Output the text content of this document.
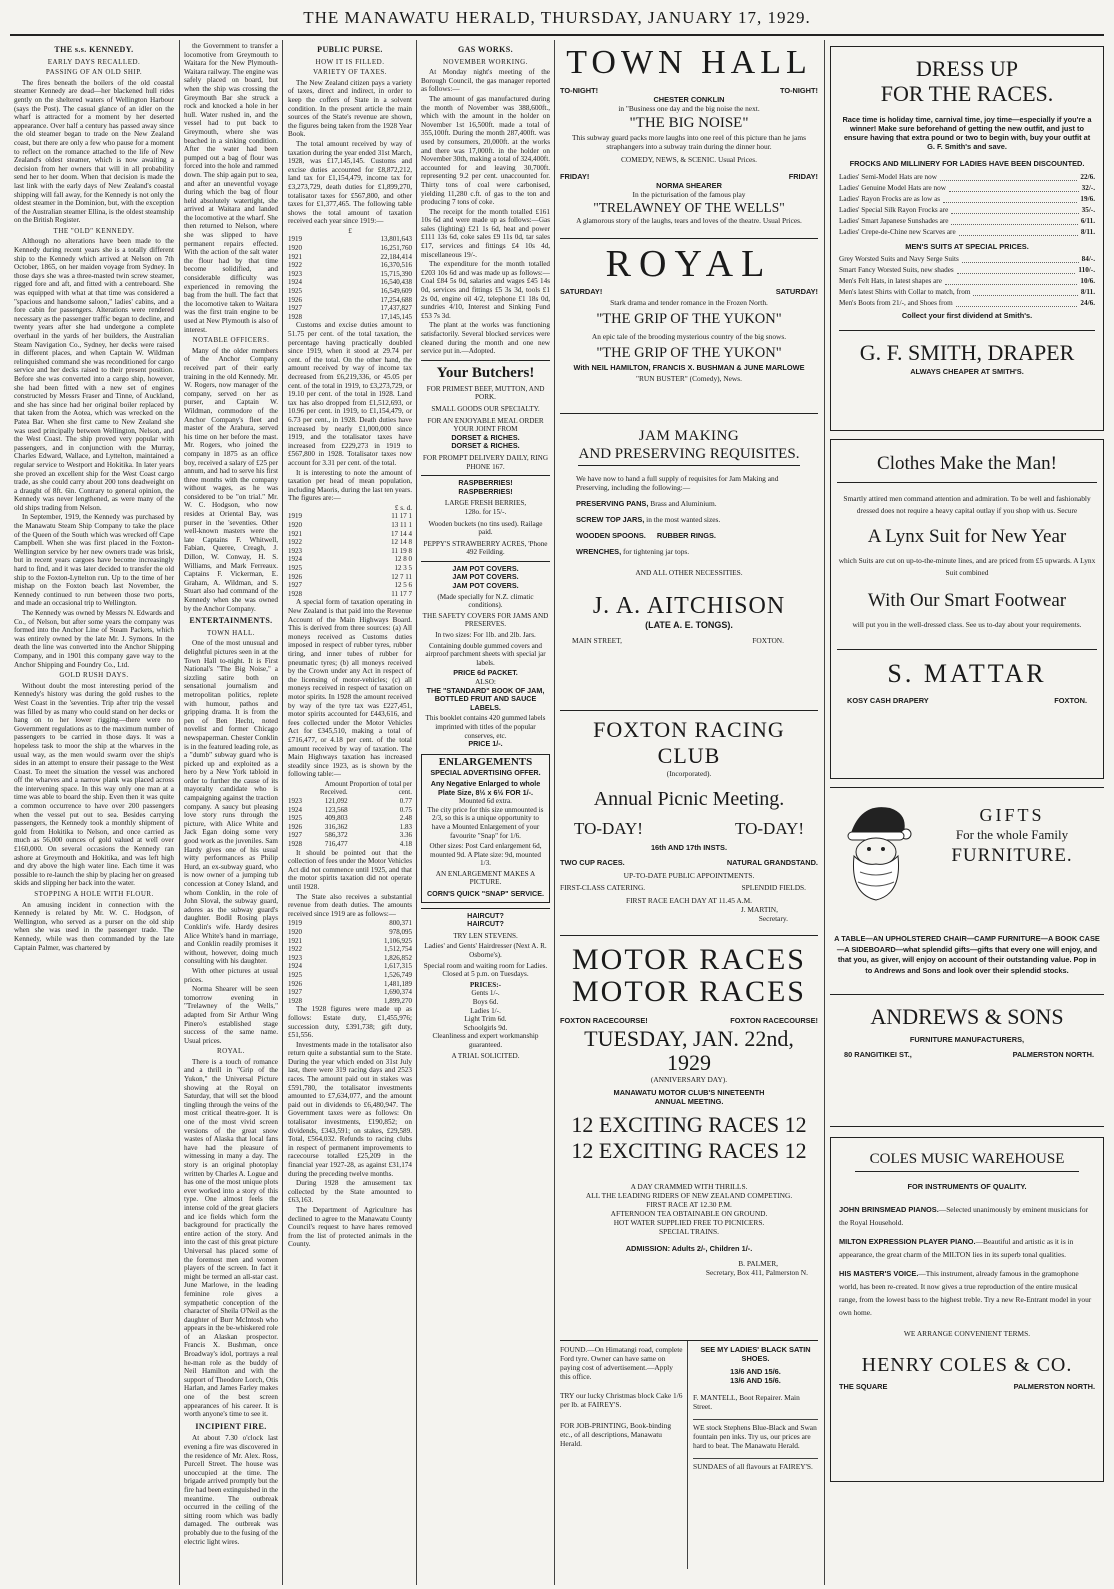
THE MANAWATU HERALD, THURSDAY, JANUARY 17, 1929.
THE s.s. KENNEDY.
EARLY DAYS RECALLED.
PASSING OF AN OLD SHIP.

The fires beneath the boilers of the old coastal steamer Kennedy are dead—her blackened hull rides gently on the sheltered waters of Wellington Harbour (says the Post). The casual glance of an idler on the wharf is attracted for a moment by her deserted appearance. Over half a century has passed away since the old steamer began to trade on the New Zealand coast, but there are only a few who pause for a moment to reflect on the romance attached to the life of New Zealand's oldest steamer, which is now awaiting a decision from her owners that will in all probability send her to her doom. When that decision is made the last link with the early days of New Zealand's coastal shipping will fall away, for the Kennedy is not only the oldest steamer in the Dominion, but, with the exception of the Australian steamer Ellina, is the oldest steamship on the British Register.

THE "OLD" KENNEDY.

Although no alterations have been made to the Kennedy during recent years she is a totally different ship to the Kennedy which arrived at Nelson on 7th October, 1865, on her maiden voyage from Sydney. In those days she was a three-masted twin screw steamer, rigged fore and aft, and fitted with a centreboard. She was equipped with what at that time was considered a "spacious and handsome saloon," ladies' cabins, and a fore cabin for passengers. Alterations were rendered necessary as the passenger traffic began to decline, and twenty years after she had undergone a complete overhaul in the yards of her builders, the Australian Steam Navigation Co., Sydney, her decks were raised in different places, and when Captain W. Wildman relinquished command she was reconditioned for cargo service and her decks raised to their present position. Before she was converted into a cargo ship, however, she had been fitted with a new set of engines constructed by Messrs Fraser and Tinne, of Auckland, and she has since had her original boiler replaced by that taken from the Aotea, which was wrecked on the Patea Bar. When she first came to New Zealand she was used principally between Wellington, Nelson, and the West Coast. The ship proved very popular with passengers, and in conjunction with the Murray, Charles Edward, Wallace, and Lyttelton, maintained a regular service to Westport and Hokitika. In later years she proved an excellent ship for the West Coast cargo trade, as she could carry about 200 tons deadweight on a draught of 8ft. 6in. Contrary to general opinion, the Kennedy was never lengthened, as were many of the old ships trading from Nelson.

In September, 1919, the Kennedy was purchased by the Manawatu Steam Ship Company to take the place of the Queen of the South which was wrecked off Cape Campbell. When she was first placed in the Foxton-Wellington service by her new owners trade was brisk, but in recent years cargoes have become increasingly hard to find, and it was later decided to transfer the old ship to the Foxton-Lyttelton run. Up to the time of her mishap on the Foxton beach last November, the Kennedy continued to run between those two ports, and made an occasional trip to Wellington.

The Kennedy was owned by Messrs N. Edwards and Co., of Nelson, but after some years the company was formed into the Anchor Line of Steam Packets, which was entirely owned by the late Mr. J. Symons. In the death the line was converted into the Anchor Shipping Company, and in 1901 this company gave way to the Anchor Shipping and Foundry Co., Ltd.

GOLD RUSH DAYS.

Without doubt the most interesting period of the Kennedy's history was during the gold rushes to the West Coast in the 'seventies. Trip after trip the vessel was filled by as many who could stand on her decks or hang on to her lower rigging—there were no Government regulations as to the maximum number of passengers to be carried in those days. It was a hopeless task to moor the ship at the wharves in the usual way, as the men would swarm over the ship's sides in an attempt to ensure their passage to the West Coast. To meet the situation the vessel was anchored off the wharves and a narrow plank was placed across the intervening space. In this way only one man at a time was able to board the ship. Even then it was quite a common occurrence to have over 200 passengers when the vessel put out to sea. Besides carrying passengers, the Kennedy took a monthly shipment of gold from Hokitika to Nelson, and once carried as much as 56,000 ounces of gold valued at well over £160,000. On several occasions the Kennedy ran ashore at Greymouth and Hokitika, and was left high and dry above the high water line. Each time it was possible to re-launch the ship by placing her on greased skids and slipping her back into the water.

STOPPING A HOLE WITH FLOUR.

An amusing incident in connection with the Kennedy is related by Mr. W. C. Hodgson, of Wellington, who served as a purser on the old ship when she was used in the passenger trade. The Kennedy, while was then commanded by the late Captain Palmer, was chartered by

the Government to transfer a locomotive from Greymouth to Waitara for the New Plymouth-Waitara railway. The engine was safely placed on board, but when the ship was crossing the Greymouth Bar she struck a rock and knocked a hole in her hull. Water rushed in, and the vessel had to put back to Greymouth, where she was beached in a sinking condition. After the water had been pumped out a bag of flour was forced into the hole and rammed down. The ship again put to sea, and after an uneventful voyage during which the bag of flour held absolutely watertight, she arrived at Waitara and landed the locomotive at the wharf. She then returned to Nelson, where she was slipped to have permanent repairs effected. With the action of the salt water the flour had by that time become solidified, and considerable difficulty was experienced in removing the bag from the hull. The fact that the locomotive taken to Waitara was the first train engine to be used at New Plymouth is also of interest.

NOTABLE OFFICERS.

Many of the older members of the Anchor Company received part of their early training in the old Kennedy. Mr. W. Rogers, now manager of the company, served on her as purser, and Captain W. Wildman, commodore of the Anchor Company's fleet and master of the Arahura, served his time on her before the mast. Mr. Rogers, who joined the company in 1875 as an office boy, received a salary of £25 per annum, and had to serve his first three months with the company without wages, as he was considered to be "on trial." Mr. W. C. Hodgson, who now resides at Oriental Bay, was purser in the 'seventies. Other well-known masters were the late Captains F. Whitwell, Fabian, Queree, Creagh, J. Dillon, W. Conway, H. S. Williams, and Mark Ferreaux. Captains F. Vickerman, E. Graham, A. Wildman, and S. Stuart also had command of the Kennedy when she was owned by the Anchor Company.

ENTERTAINMENTS.
TOWN HALL.

One of the most unusual and delightful pictures seen in at the Town Hall to-night. It is First National's "The Big Noise," a sizzling satire both on sensational journalism and metropolitan politics, replete with humour, pathos and gripping drama. It is from the pen of Ben Hecht, noted novelist and former Chicago newspaperman. Chester Conklin is in the featured leading role, as a "dumb" subway guard who is picked up and exploited as a hero by a New York tabloid in order to further the cause of its mayoralty candidate who is campaigning against the traction company. A saucy but pleasing love story runs through the picture, with Alice White and Jack Egan doing some very good work as the juveniles. Sam Hardy gives one of his usual witty performances as Philip Hurd, an ex-subway guard, who is now owner of a jumping tub concession at Coney Island, and whom Conklin, in the role of John Sloval, the subway guard, adores as the subway guard's daughter. Bodil Rosing plays Conklin's wife. Hardy desires Alice White's hand in marriage, and Conklin readily promises it without, however, doing much consulting with his daughter.

With other pictures at usual prices.

Norma Shearer will be seen tomorrow evening in "Trelawney of the Wells," adapted from Sir Arthur Wing Pinero's established stage success of the same name. Usual prices.

ROYAL.

There is a touch of romance and a thrill in "Grip of the Yukon," the Universal Picture showing at the Royal on Saturday, that will set the blood tingling through the veins of the most critical theatre-goer. It is one of the most vivid screen versions of the great snow wastes of Alaska that local fans have had the pleasure of witnessing in many a day. The story is an original photoplay written by Charles A. Logue and has one of the most unique plots ever worked into a story of this type. One almost feels the intense cold of the great glaciers and ice fields which form the background for practically the entire action of the story. And into the cast of this great picture Universal has placed some of the foremost men and women players of the screen. In fact it might be termed an all-star cast. June Marlowe, in the leading feminine role gives a sympathetic conception of the character of Sheila O'Neil as the daughter of Burr McIntosh who appears in the be-whiskered role of an Alaskan prospector. Francis X. Bushman, once Broadway's idol, portrays a real he-man role as the buddy of Neil Hamilton and with the support of Theodore Lorch, Otis Harlan, and James Farley makes one of the best screen appearances of his career. It is worth anyone's time to see it.

INCIPIENT FIRE.

At about 7.30 o'clock last evening a fire was discovered in the residence of Mr. Alex. Ross, Purcell Street. The house was unoccupied at the time. The brigade arrived promptly but the fire had been extinguished in the meantime. The outbreak occurred in the ceiling of the sitting room which was badly damaged. The outbreak was probably due to the fusing of the electric light wires.

PUBLIC PURSE.
HOW IT IS FILLED.
VARIETY OF TAXES.

The New Zealand citizen pays a variety of taxes, direct and indirect, in order to keep the coffers of State in a solvent condition. In the present article the main sources of the State's revenue are shown, the figures being taken from the 1928 Year Book.

The total amount received by way of taxation during the year ended 31st March, 1928, was £17,145,145. Customs and excise duties accounted for £8,872,212, land tax for £1,154,479, income tax for £3,273,729, death duties for £1,899,270, totalisator taxes for £567,800, and other taxes for £1,377,465. The following table shows the total amount of taxation received each year since 1919:—

£
1919	13,801,643
1920	16,251,760
1921	22,184,414
1922	16,370,516
1923	15,715,390
1924	16,540,438
1925	16,549,609
1926	17,254,688
1927	17,437,827
1928	17,145,145

Customs and excise duties amount to 51.75 per cent. of the total taxation, the percentage having practically doubled since 1919, when it stood at 29.74 per cent. of the total. On the other hand, the amount received by way of income tax decreased from £6,219,336, or 45.05 per cent. of the total in 1919, to £3,273,729, or 19.10 per cent. of the total in 1928. Land tax has also dropped from £1,512,693, or 10.96 per cent. in 1919, to £1,154,479, or 6.73 per cent., in 1928. Death duties have increased by nearly £1,000,000 since 1919, and the totalisator taxes have increased from £229,273 in 1919 to £567,800 in 1928. Totalisator taxes now account for 3.31 per cent. of the total.

It is interesting to note the amount of taxation per head of mean population, including Maoris, during the last ten years. The figures are:—

£ s. d.
1919	11 17 1
1920	13 11 1
1921	17 14 4
1922	12 14 8
1923	11 19 8
1924	12 8 0
1925	12 3 5
1926	12 7 11
1927	12 5 6
1928	11 17 7

A special form of taxation operating in New Zealand is that paid into the Revenue Account of the Main Highways Board. This is derived from three sources: (a) All moneys received as Customs duties imposed in respect of rubber tyres, rubber tiring, and inner tubes of rubber for pneumatic tyres; (b) all moneys received by the Crown under any Act in respect of the licensing of motor-vehicles; (c) all moneys received in respect of taxation on motor spirits. In 1928 the amount received by way of the tyre tax was £227,451, motor spirits accounted for £443,616, and fees collected under the Motor Vehicles Act for £345,510, making a total of £716,477, or 4.18 per cent. of the total amount received by way of taxation. The Main Highways taxation has increased steadily since 1923, as is shown by the following table:—

	Amount Received.	Proportion of total per cent.
1923	121,092	0.77
1924	123,568	0.75
1925	409,803	2.48
1926	316,362	1.83
1927	586,372	3.36
1928	716,477	4.18

It should be pointed out that the collection of fees under the Motor Vehicles Act did not commence until 1925, and that the motor spirits taxation did not operate until 1928.

The State also receives a substantial revenue from death duties. The amounts received since 1919 are as follows:—

1919	800,371
1920	978,095
1921	1,106,925
1922	1,512,754
1923	1,826,852
1924	1,617,315
1925	1,526,749
1926	1,481,189
1927	1,690,374
1928	1,899,270

The 1928 figures were made up as follows: Estate duty, £1,455,976; succession duty, £391,738; gift duty, £51,556.

Investments made in the totalisator also return quite a substantial sum to the State. During the year which ended on 31st July last, there were 319 racing days and 2523 races. The amount paid out in stakes was £591,780, the totalisator investments amounted to £7,634,077, and the amount paid out in dividends to £6,480,947. The Government taxes were as follows: On totalisator investments, £190,852; on dividends, £343,591; on stakes, £29,589. Total, £564,032. Refunds to racing clubs in respect of permanent improvements to racecourse totalled £25,209 in the financial year 1927-28, as against £31,174 during the preceding twelve months.

During 1928 the amusement tax collected by the State amounted to £63,163.

The Department of Agriculture has declined to agree to the Manawatu County Council's request to have hares removed from the list of protected animals in the County.

GAS WORKS.
NOVEMBER WORKING.

At Monday night's meeting of the Borough Council, the gas manager reported as follows:—

The amount of gas manufactured during the month of November was 388,600ft., which with the amount in the holder on November 1st 16,500ft. made a total of 355,100ft. During the month 287,400ft. was used by consumers, 20,000ft. at the works and there was 17,000ft. in the holder on November 30th, making a total of 324,400ft. accounted for and leaving 30,700ft. representing 9.2 per cent. unaccounted for. Thirty tons of coal were carbonised, yielding 11,280 c.ft. of gas to the ton and producing 7 tons of coke.

The receipt for the month totalled £161 10s 6d and were made up as follows:—Gas sales (lighting) £21 1s 6d, heat and power £111 13s 6d, coke sales £9 11s 0d, tar sales £17, services and fittings £4 10s 4d, miscellaneous 19/-.

The expenditure for the month totalled £203 10s 6d and was made up as follows:—Coal £84 5s 0d, salaries and wages £45 14s 0d, services and fittings £5 3s 3d, tools £1 2s 0d, engine oil 4/2, telephone £1 18s 0d, sundries 4/10, Interest and Sinking Fund £53 7s 3d.

The plant at the works was functioning satisfactorily. Several blocked services were cleaned during the month and one new service put in.—Adopted.

Your Butchers!
FOR PRIMEST BEEF, MUTTON, AND PORK.
SMALL GOODS OUR SPECIALTY.
FOR AN ENJOYABLE MEAL ORDER YOUR JOINT FROM
DORSET & RICHES.
DORSET & RICHES.
FOR PROMPT DELIVERY DAILY, RING PHONE 167.
RASPBERRIES!
RASPBERRIES!
LARGE FRESH BERRIES,
128o. for 15/-.
Wooden buckets (no tins used). Railage paid.
PEPPY'S STRAWBERRY ACRES, 'Phone 492 Feilding.
JAM POT COVERS.
JAM POT COVERS.
JAM POT COVERS.
(Made specially for N.Z. climatic conditions).
THE SAFETY COVERS FOR JAMS AND PRESERVES.
In two sizes: For 1lb. and 2lb. Jars.
Containing double gummed covers and airproof parchment sheets with special jar labels.
PRICE 6d PACKET.
ALSO:
THE "STANDARD" BOOK OF JAM, BOTTLED FRUIT AND SAUCE LABELS.
This booklet contains 420 gummed labels imprinted with titles of the popular conserves, etc.
PRICE 1/-.
ENLARGEMENTS
SPECIAL ADVERTISING OFFER.
Any Negative Enlarged to whole Plate Size, 8½ x 6½ FOR 1/-.
Mounted 6d extra.
The city price for this size unmounted is 2/3, so this is a unique opportunity to have a Mounted Enlargement of your favourite "Snap" for 1/6.
Other sizes: Post Card enlargement 6d, mounted 9d. A Plate size: 9d, mounted 1/3.
AN ENLARGEMENT MAKES A PICTURE.
CORN'S QUICK "SNAP" SERVICE.
HAIRCUT?
HAIRCUT?
TRY LEN STEVENS.
Ladies' and Gents' Hairdresser (Next A. R. Osborne's).
Special room and waiting room for Ladies.
Closed at 5 p.m. on Tuesdays.
PRICES:-
Gents 1/-.
Boys 6d.
Ladies 1/-.
Light Trim 6d.
Schoolgirls 9d.
Cleanliness and expert workmanship guaranteed.
A TRIAL SOLICITED.
TOWN HALL
TO-NIGHT!	TO-NIGHT!
CHESTER CONKLIN
in "Business one day and the big noise the next.
"THE BIG NOISE"
This subway guard packs more laughs into one reel of this picture than he jams straphangers into a subway train during the dinner hour.
COMEDY, NEWS, & SCENIC. Usual Prices.
FRIDAY!	FRIDAY!
NORMA SHEARER
In the picturisation of the famous play
"TRELAWNEY OF THE WELLS"
A glamorous story of the laughs, tears and loves of the theatre. Usual Prices.
ROYAL
SATURDAY!	SATURDAY!
Stark drama and tender romance in the Frozen North.
"THE GRIP OF THE YUKON"
An epic tale of the brooding mysterious country of the big snows.
"THE GRIP OF THE YUKON"
With NEIL HAMILTON, FRANCIS X. BUSHMAN & JUNE MARLOWE
"RUN BUSTER" (Comedy), News.
JAM MAKING
AND PRESERVING REQUISITES.
We have now to hand a full supply of requisites for Jam Making and Preserving, including the following:—
PRESERVING PANS, Brass and Aluminium.
SCREW TOP JARS, in the most wanted sizes.
WOODEN SPOONS. RUBBER RINGS.
WRENCHES, for tightening jar tops.
AND ALL OTHER NECESSITIES.
J. A. AITCHISON
(LATE A. E. TONGS).
MAIN STREET,	FOXTON.
FOXTON RACING CLUB
(Incorporated).
Annual Picnic Meeting.
TO-DAY!	TO-DAY!
16th AND 17th INSTS.
TWO CUP RACES.	NATURAL GRANDSTAND.
UP-TO-DATE PUBLIC APPOINTMENTS.
FIRST-CLASS CATERING.	SPLENDID FIELDS.
FIRST RACE EACH DAY AT 11.45 A.M.
J. MARTIN,
Secretary.
MOTOR RACES
MOTOR RACES
FOXTON RACECOURSE!	FOXTON RACECOURSE!
TUESDAY, JAN. 22nd, 1929
(ANNIVERSARY DAY).
MANAWATU MOTOR CLUB'S NINETEENTH ANNUAL MEETING.
12 EXCITING RACES 12
12 EXCITING RACES 12
A DAY CRAMMED WITH THRILLS.
ALL THE LEADING RIDERS OF NEW ZEALAND COMPETING.
FIRST RACE AT 12.30 P.M.
AFTERNOON TEA OBTAINABLE ON GROUND.
HOT WATER SUPPLIED FREE TO PICNICERS.
SPECIAL TRAINS.
ADMISSION: Adults 2/-, Children 1/-.
B. PALMER,
Secretary, Box 411, Palmerston N.
FOUND.—On Himatangi road, complete Ford tyre. Owner can have same on paying cost of advertisement.—Apply this office.
TRY our lucky Christmas block Cake 1/6 per lb. at FAIREY'S.
FOR JOB-PRINTING, Book-binding etc., of all descriptions, Manawatu Herald.
SEE MY LADIES' BLACK SATIN SHOES.
13/6 AND 15/6.
13/6 AND 15/6.
F. MANTELL, Boot Repairer. Main Street.
WE stock Stephens Blue-Black and Swan fountain pen inks. Try us, our prices are hard to beat. The Manawatu Herald.
SUNDAES of all flavours at FAIREY'S.
DRESS UP
FOR THE RACES.
Race time is holiday time, carnival time, joy time—especially if you're a winner! Make sure beforehand of getting the new outfit, and just to ensure having that extra pound or two to begin with, buy your outfit at G. F. Smith's and save.
FROCKS AND MILLINERY FOR LADIES HAVE BEEN DISCOUNTED.
Ladies' Semi-Model Hats are now	22/6.
Ladies' Genuine Model Hats are now	32/-.
Ladies' Rayon Frocks are as low as	19/6.
Ladies' Special Silk Rayon Frocks are	35/-.
Ladies' Smart Japanese Sunshades are	6/11.
Ladies' Crepe-de-Chine new Scarves are	8/11.
MEN'S SUITS AT SPECIAL PRICES.
Grey Worsted Suits and Navy Serge Suits	84/-.
Smart Fancy Worsted Suits, new shades	110/-.
Men's Felt Hats, in latest shapes are	10/6.
Men's latest Shirts with Collar to match, from	8/11.
Men's Boots from 21/-, and Shoes from	24/6.
Collect your first dividend at Smith's.
G. F. SMITH, DRAPER
ALWAYS CHEAPER AT SMITH'S.
Clothes Make the Man!
Smartly attired men command attention and admiration. To be well and fashionably dressed does not require a heavy capital outlay if you shop with us. Secure
A Lynx Suit for New Year
which Suits are cut on up-to-the-minute lines, and are priced from £5 upwards. A Lynx Suit combined
With Our Smart Footwear
will put you in the well-dressed class. See us to-day about your requirements.
S. MATTAR
KOSY CASH DRAPERY	FOXTON.
GIFTS
For the whole Family
FURNITURE.
A TABLE—AN UPHOLSTERED CHAIR—CAMP FURNITURE—A BOOK CASE—A SIDEBOARD—what splendid gifts—gifts that every one will enjoy, and that you, as giver, will enjoy on account of their outstanding value. Pop in to Andrews and Sons and look over their splendid stocks.
ANDREWS & SONS
FURNITURE MANUFACTURERS,
80 RANGITIKEI ST.,	PALMERSTON NORTH.
COLES MUSIC WAREHOUSE
FOR INSTRUMENTS OF QUALITY.
JOHN BRINSMEAD PIANOS.—Selected unanimously by eminent musicians for the Royal Household.
MILTON EXPRESSION PLAYER PIANO.—Beautiful and artistic as it is in appearance, the great charm of the MILTON lies in its superb tonal qualities.
HIS MASTER'S VOICE.—This instrument, already famous in the gramophone world, has been re-created. It now gives a true reproduction of the entire musical range, from the lowest bass to the highest treble. Try a new Re-Entrant model in your own home.
WE ARRANGE CONVENIENT TERMS.
HENRY COLES & CO.
THE SQUARE	PALMERSTON NORTH.
